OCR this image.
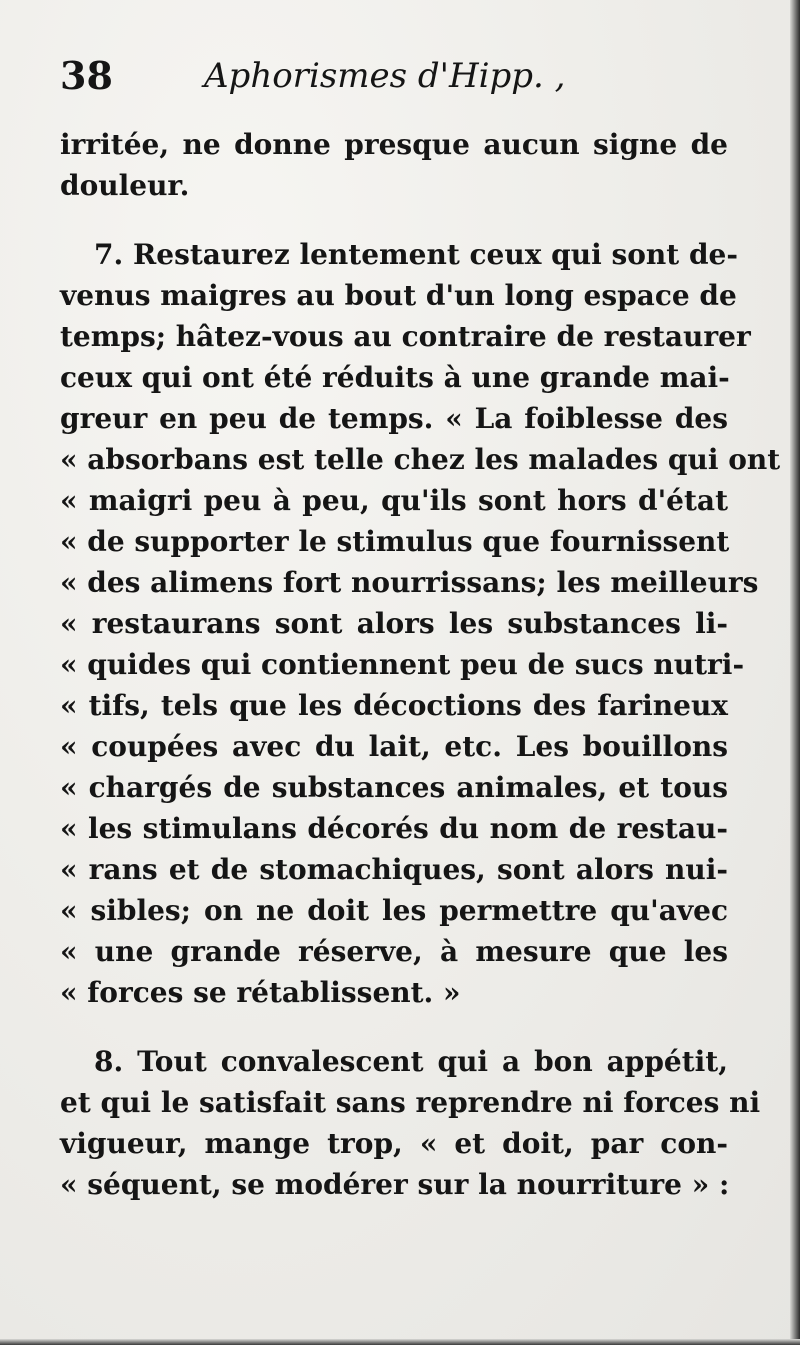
38	Aphorismes d'Hipp. ,
irritée, ne donne presque aucun signe de
douleur.
7. Restaurez lentement ceux qui sont de-
venus maigres au bout d'un long espace de
temps; hâtez-vous au contraire de restaurer
ceux qui ont été réduits à une grande mai-
greur en peu de temps. « La foiblesse des
« absorbans est telle chez les malades qui ont
« maigri peu à peu, qu'ils sont hors d'état
« de supporter le stimulus que fournissent
« des alimens fort nourrissans; les meilleurs
« restaurans sont alors les substances li-
« quides qui contiennent peu de sucs nutri-
« tifs, tels que les décoctions des farineux
« coupées avec du lait, etc. Les bouillons
« chargés de substances animales, et tous
« les stimulans décorés du nom de restau-
« rans et de stomachiques, sont alors nui-
« sibles; on ne doit les permettre qu'avec
« une grande réserve, à mesure que les
« forces se rétablissent. »
8. Tout convalescent qui a bon appétit,
et qui le satisfait sans reprendre ni forces ni
vigueur, mange trop, « et doit, par con-
« séquent, se modérer sur la nourriture » :
